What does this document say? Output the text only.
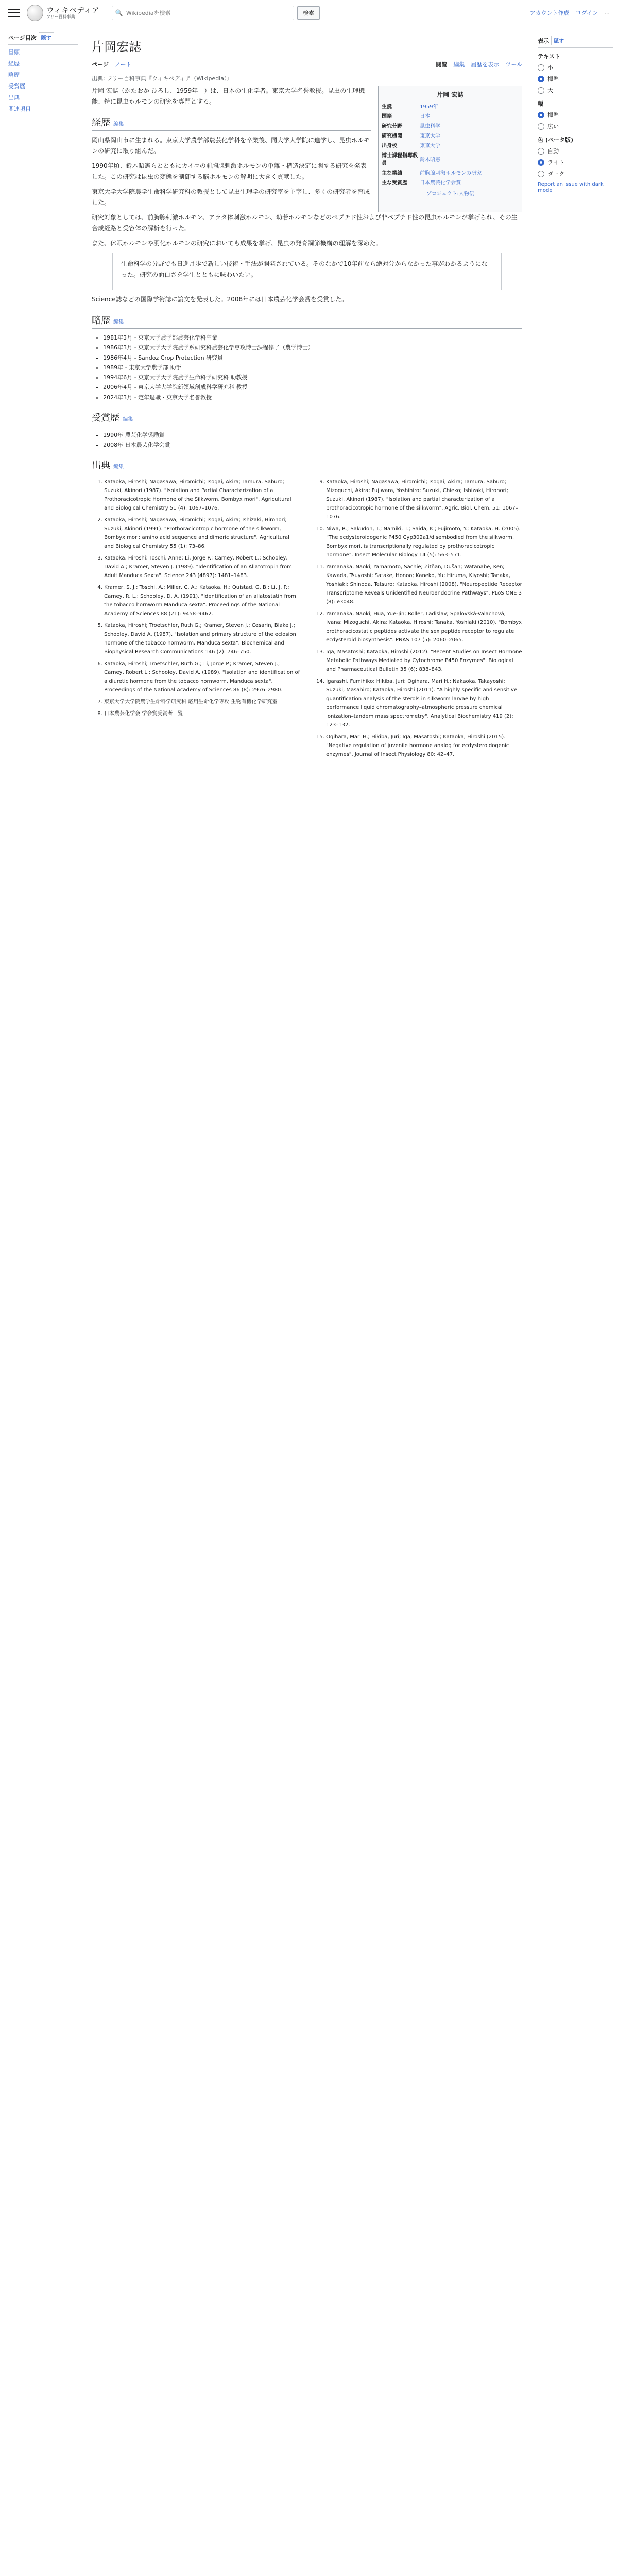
ウィキペディア
フリー百科事典
🔍
Wikipediaを検索	検索	アカウント作成 ログイン ⋯
ページ目次 隠す
冒頭
経歴
略歴
受賞歴
出典
関連項目
片岡宏誌
ページ ノート	閲覧 編集 履歴を表示 ツール
出典: フリー百科事典『ウィキペディア（Wikipedia）』

片岡 宏誌（かたおか ひろし、1959年 - ）は、日本の生化学者。東京大学名誉教授。昆虫の生理機能、特に昆虫ホルモンの研究を専門とする。

経歴 編集

岡山県岡山市に生まれる。東京大学農学部農芸化学科を卒業後、同大学大学院に進学し、昆虫ホルモンの研究に取り組んだ。

1990年頃、鈴木昭憲らとともにカイコの前胸腺刺激ホルモンの単離・構造決定に関する研究を発表した。この研究は昆虫の変態を制御する脳ホルモンの解明に大きく貢献した。

東京大学大学院農学生命科学研究科の教授として昆虫生理学の研究室を主宰し、多くの研究者を育成した。

片岡 宏誌
生誕	1959年
国籍	日本
研究分野	昆虫科学
研究機関	東京大学
出身校	東京大学
博士課程指導教員	鈴木昭憲
主な業績	前胸腺刺激ホルモンの研究
主な受賞歴	日本農芸化学会賞
プロジェクト:人物伝

研究対象としては、前胸腺刺激ホルモン、アラタ体刺激ホルモン、幼若ホルモンなどのペプチド性および非ペプチド性の昆虫ホルモンが挙げられ、その生合成経路と受容体の解析を行った。

また、休眠ホルモンや羽化ホルモンの研究においても成果を挙げ、昆虫の発育調節機構の理解を深めた。

生命科学の分野でも日進月歩で新しい技術・手法が開発されている。そのなかで10年前なら絶対分からなかった事がわかるようになった。研究の面白さを学生とともに味わいたい。

Science誌などの国際学術誌に論文を発表した。2008年には日本農芸化学会賞を受賞した。

略歴 編集
• 1981年3月 - 東京大学農学部農芸化学科卒業
• 1986年3月 - 東京大学大学院農学系研究科農芸化学専攻博士課程修了（農学博士）
• 1986年4月 - Sandoz Crop Protection 研究員
• 1989年 - 東京大学農学部 助手
• 1994年6月 - 東京大学大学院農学生命科学研究科 助教授
• 2006年4月 - 東京大学大学院新領域創成科学研究科 教授
• 2024年3月 - 定年退職・東京大学名誉教授
受賞歴 編集
• 1990年 農芸化学奨励賞
• 2008年 日本農芸化学会賞
出典 編集
1. Kataoka, Hiroshi; Nagasawa, Hiromichi; Isogai, Akira; Tamura, Saburo; Suzuki, Akinori (1987). "Isolation and Partial Characterization of a Prothoracicotropic Hormone of the Silkworm, Bombyx mori". Agricultural and Biological Chemistry 51 (4): 1067–1076.
2. Kataoka, Hiroshi; Nagasawa, Hiromichi; Isogai, Akira; Ishizaki, Hironori; Suzuki, Akinori (1991). "Prothoracicotropic hormone of the silkworm, Bombyx mori: amino acid sequence and dimeric structure". Agricultural and Biological Chemistry 55 (1): 73–86.
3. Kataoka, Hiroshi; Toschi, Anne; Li, Jorge P.; Carney, Robert L.; Schooley, David A.; Kramer, Steven J. (1989). "Identification of an Allatotropin from Adult Manduca Sexta". Science 243 (4897): 1481–1483.
4. Kramer, S. J.; Toschi, A.; Miller, C. A.; Kataoka, H.; Quistad, G. B.; Li, J. P.; Carney, R. L.; Schooley, D. A. (1991). "Identification of an allatostatin from the tobacco hornworm Manduca sexta". Proceedings of the National Academy of Sciences 88 (21): 9458–9462.
5. Kataoka, Hiroshi; Troetschler, Ruth G.; Kramer, Steven J.; Cesarin, Blake J.; Schooley, David A. (1987). "Isolation and primary structure of the eclosion hormone of the tobacco hornworm, Manduca sexta". Biochemical and Biophysical Research Communications 146 (2): 746–750.
6. Kataoka, Hiroshi; Troetschler, Ruth G.; Li, Jorge P.; Kramer, Steven J.; Carney, Robert L.; Schooley, David A. (1989). "Isolation and identification of a diuretic hormone from the tobacco hornworm, Manduca sexta". Proceedings of the National Academy of Sciences 86 (8): 2976–2980.
7. 東京大学大学院農学生命科学研究科 応用生命化学専攻 生物有機化学研究室
8. 日本農芸化学会 学会賞受賞者一覧
9. Kataoka, Hiroshi; Nagasawa, Hiromichi; Isogai, Akira; Tamura, Saburo; Mizoguchi, Akira; Fujiwara, Yoshihiro; Suzuki, Chieko; Ishizaki, Hironori; Suzuki, Akinori (1987). "Isolation and partial characterization of a prothoracicotropic hormone of the silkworm". Agric. Biol. Chem. 51: 1067–1076.
10. Niwa, R.; Sakudoh, T.; Namiki, T.; Saida, K.; Fujimoto, Y.; Kataoka, H. (2005). "The ecdysteroidogenic P450 Cyp302a1/disembodied from the silkworm, Bombyx mori, is transcriptionally regulated by prothoracicotropic hormone". Insect Molecular Biology 14 (5): 563–571.
11. Yamanaka, Naoki; Yamamoto, Sachie; Žitňan, Dušan; Watanabe, Ken; Kawada, Tsuyoshi; Satake, Honoo; Kaneko, Yu; Hiruma, Kiyoshi; Tanaka, Yoshiaki; Shinoda, Tetsuro; Kataoka, Hiroshi (2008). "Neuropeptide Receptor Transcriptome Reveals Unidentified Neuroendocrine Pathways". PLoS ONE 3 (8): e3048.
12. Yamanaka, Naoki; Hua, Yue-Jin; Roller, Ladislav; Spalovská-Valachová, Ivana; Mizoguchi, Akira; Kataoka, Hiroshi; Tanaka, Yoshiaki (2010). "Bombyx prothoracicostatic peptides activate the sex peptide receptor to regulate ecdysteroid biosynthesis". PNAS 107 (5): 2060–2065.
13. Iga, Masatoshi; Kataoka, Hiroshi (2012). "Recent Studies on Insect Hormone Metabolic Pathways Mediated by Cytochrome P450 Enzymes". Biological and Pharmaceutical Bulletin 35 (6): 838–843.
14. Igarashi, Fumihiko; Hikiba, Juri; Ogihara, Mari H.; Nakaoka, Takayoshi; Suzuki, Masahiro; Kataoka, Hiroshi (2011). "A highly specific and sensitive quantification analysis of the sterols in silkworm larvae by high performance liquid chromatography–atmospheric pressure chemical ionization–tandem mass spectrometry". Analytical Biochemistry 419 (2): 123–132.
15. Ogihara, Mari H.; Hikiba, Juri; Iga, Masatoshi; Kataoka, Hiroshi (2015). "Negative regulation of juvenile hormone analog for ecdysteroidogenic enzymes". Journal of Insect Physiology 80: 42–47.
表示 隠す
テキスト
小
標準
大
幅
標準
広い
色 (ベータ版)
自動
ライト
ダーク
Report an issue with dark mode
